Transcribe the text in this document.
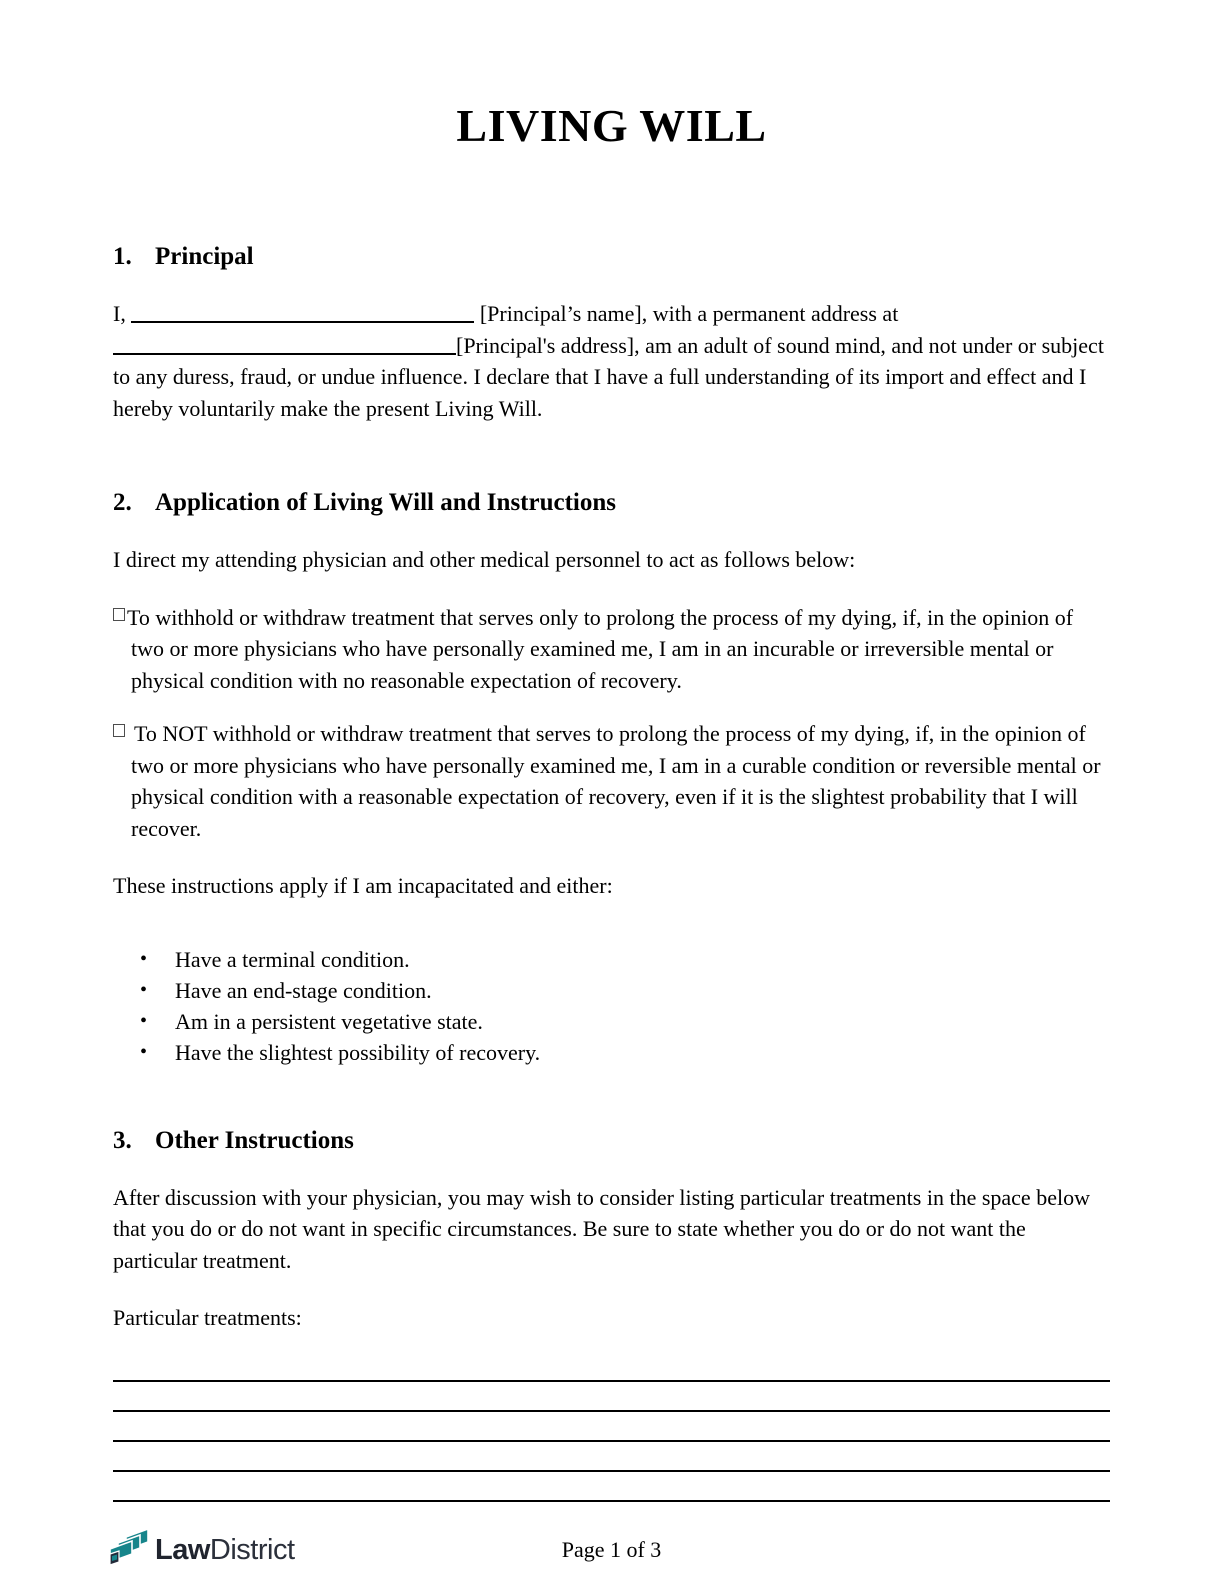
LIVING WILL
1. Principal

I,	[Principal’s name], with a permanent address at [Principal's address], am an adult of sound mind, and not under or subject to any duress, fraud, or undue influence. I declare that I have a full understanding of its import and effect and I hereby voluntarily make the present Living Will.

2. Application of Living Will and Instructions

I direct my attending physician and other medical personnel to act as follows below:

To withhold or withdraw treatment that serves only to prolong the process of my dying, if, in the opinion of two or more physicians who have personally examined me, I am in an incurable or irreversible mental or physical condition with no reasonable expectation of recovery.

To NOT withhold or withdraw treatment that serves to prolong the process of my dying, if, in the opinion of two or more physicians who have personally examined me, I am in a curable condition or reversible mental or physical condition with a reasonable expectation of recovery, even if it is the slightest probability that I will recover.

These instructions apply if I am incapacitated and either:

• Have a terminal condition.
• Have an end-stage condition.
• Am in a persistent vegetative state.
• Have the slightest possibility of recovery.
3. Other Instructions

After discussion with your physician, you may wish to consider listing particular treatments in the space below that you do or do not want in specific circumstances. Be sure to state whether you do or do not want the particular treatment.

Particular treatments:

LawDistrict	Page 1 of 3
